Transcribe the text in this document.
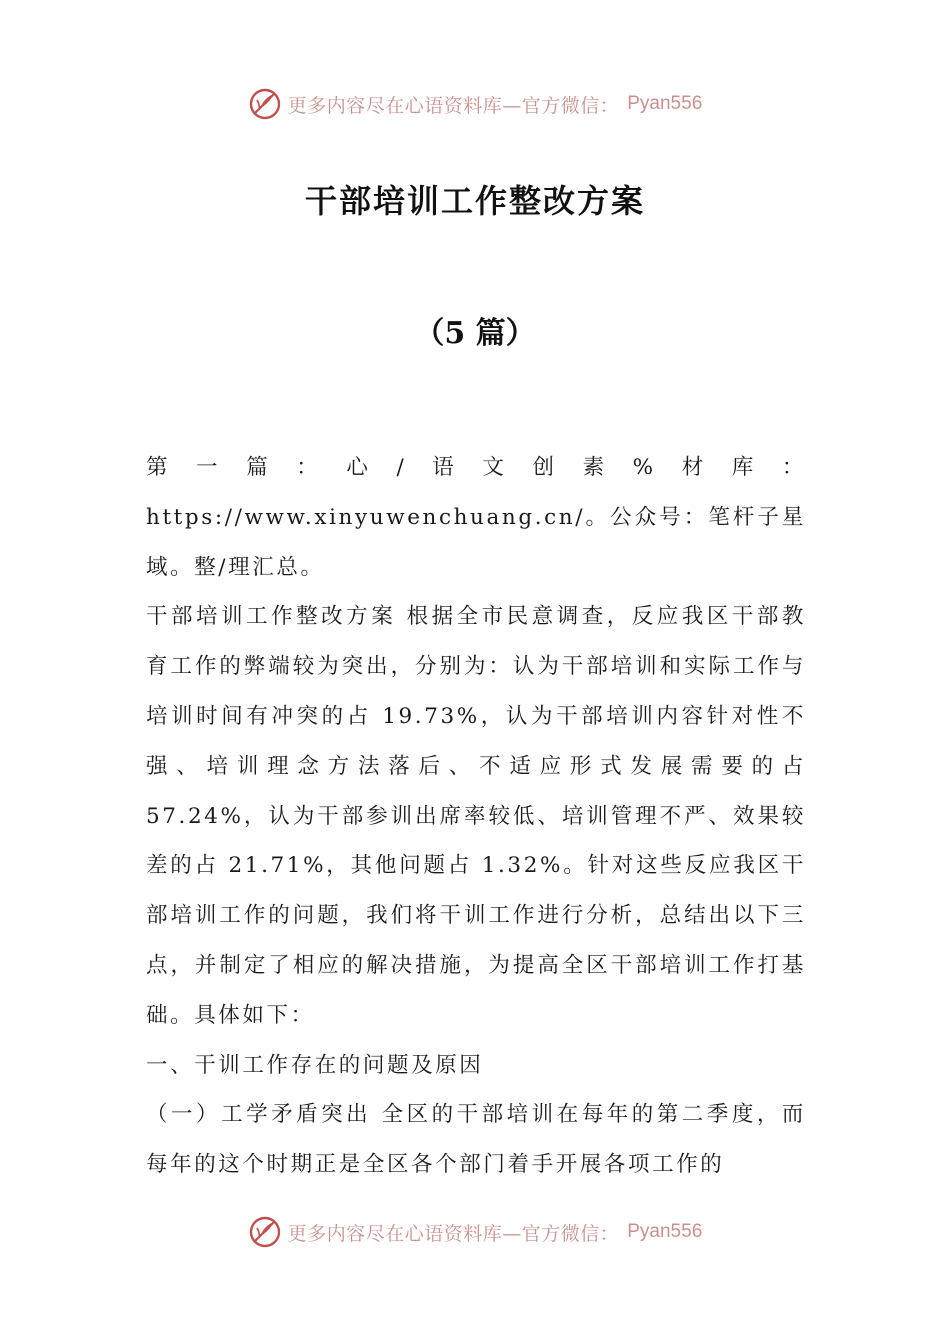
更多内容尽在心语资料库—官方微信： Pyan556
干部培训工作整改方案
（5 篇）

第一篇：心/语文创素%材库：https://www.xinyuwenchuang.cn/。公众号：笔杆子星域。整/理汇总。

干部培训工作整改方案 根据全市民意调查，反应我区干部教育工作的弊端较为突出，分别为：认为干部培训和实际工作与培训时间有冲突的占 19.73%，认为干部培训内容针对性不强、培训理念方法落后、不适应形式发展需要的占 57.24%，认为干部参训出席率较低、培训管理不严、效果较差的占 21.71%，其他问题占 1.32%。针对这些反应我区干部培训工作的问题，我们将干训工作进行分析，总结出以下三点，并制定了相应的解决措施，为提高全区干部培训工作打基础。具体如下：

一、干训工作存在的问题及原因

（一）工学矛盾突出 全区的干部培训在每年的第二季度，而每年的这个时期正是全区各个部门着手开展各项工作的

更多内容尽在心语资料库—官方微信： Pyan556
